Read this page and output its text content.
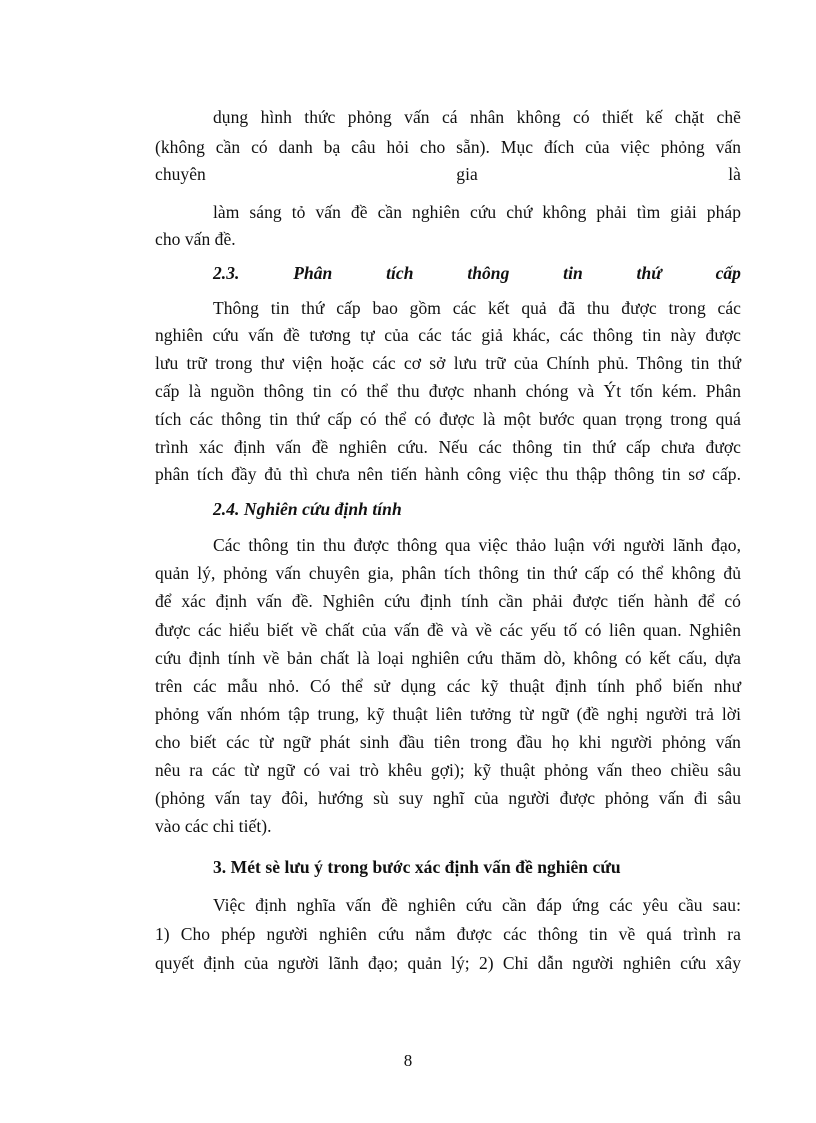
dụng hình thức phỏng vấn cá nhân không có thiết kế chặt chẽ
(không cần có danh bạ câu hỏi cho sẵn). Mục đích của việc phỏng vấn
chuyên gia là
làm sáng tỏ vấn đề cần nghiên cứu chứ không phải tìm giải pháp
cho vấn đề.
2.3. Phân tích thông tin thứ cấp
Thông tin thứ cấp bao gồm các kết quả đã thu được trong các
nghiên cứu vấn đề tương tự của các tác giả khác, các thông tin này được
lưu trữ trong thư viện hoặc các cơ sở lưu trữ của Chính phủ. Thông tin thứ
cấp là nguồn thông tin có thể thu được nhanh chóng và Ýt tốn kém. Phân
tích các thông tin thứ cấp có thể có được là một bước quan trọng trong quá
trình xác định vấn đề nghiên cứu. Nếu các thông tin thứ cấp chưa được
phân tích đầy đủ thì chưa nên tiến hành công việc thu thập thông tin sơ cấp.
2.4. Nghiên cứu định tính
Các thông tin thu được thông qua việc thảo luận với người lãnh đạo,
quản lý, phỏng vấn chuyên gia, phân tích thông tin thứ cấp có thể không đủ
để xác định vấn đề. Nghiên cứu định tính cần phải được tiến hành để có
được các hiểu biết về chất của vấn đề và về các yếu tố có liên quan. Nghiên
cứu định tính về bản chất là loại nghiên cứu thăm dò, không có kết cấu, dựa
trên các mẫu nhỏ. Có thể sử dụng các kỹ thuật định tính phổ biến như
phỏng vấn nhóm tập trung, kỹ thuật liên tưởng từ ngữ (đề nghị người trả lời
cho biết các từ ngữ phát sinh đầu tiên trong đầu họ khi người phỏng vấn
nêu ra các từ ngữ có vai trò khêu gợi); kỹ thuật phỏng vấn theo chiều sâu
(phỏng vấn tay đôi, hướng sù suy nghĩ của người được phỏng vấn đi sâu
vào các chi tiết).
3. Mét sè lưu ý trong bước xác định vấn đề nghiên cứu
Việc định nghĩa vấn đề nghiên cứu cần đáp ứng các yêu cầu sau:
1) Cho phép người nghiên cứu nắm được các thông tin về quá trình ra
quyết định của người lãnh đạo; quản lý; 2) Chỉ dẫn người nghiên cứu xây
8
